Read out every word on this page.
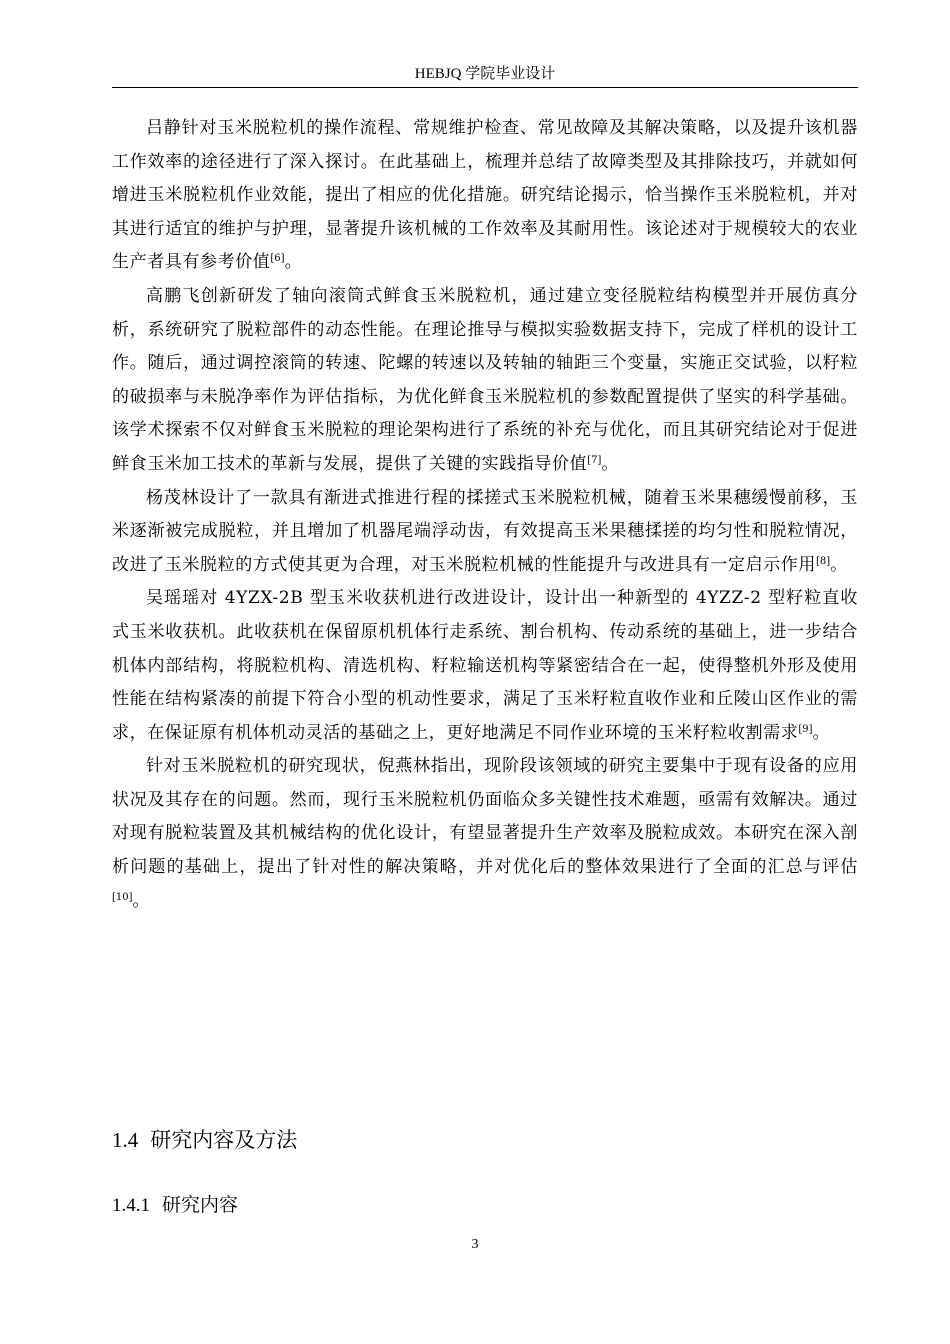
HEBJQ 学院毕业设计

吕静针对玉米脱粒机的操作流程、常规维护检查、常见故障及其解决策略，以及提升该机器工作效率的途径进行了深入探讨。在此基础上，梳理并总结了故障类型及其排除技巧，并就如何增进玉米脱粒机作业效能，提出了相应的优化措施。研究结论揭示，恰当操作玉米脱粒机，并对其进行适宜的维护与护理，显著提升该机械的工作效率及其耐用性。该论述对于规模较大的农业生产者具有参考价值[6]。

高鹏飞创新研发了轴向滚筒式鲜食玉米脱粒机，通过建立变径脱粒结构模型并开展仿真分析，系统研究了脱粒部件的动态性能。在理论推导与模拟实验数据支持下，完成了样机的设计工作。随后，通过调控滚筒的转速、陀螺的转速以及转轴的轴距三个变量，实施正交试验，以籽粒的破损率与未脱净率作为评估指标，为优化鲜食玉米脱粒机的参数配置提供了坚实的科学基础。该学术探索不仅对鲜食玉米脱粒的理论架构进行了系统的补充与优化，而且其研究结论对于促进鲜食玉米加工技术的革新与发展，提供了关键的实践指导价值[7]。

杨茂林设计了一款具有渐进式推进行程的揉搓式玉米脱粒机械，随着玉米果穗缓慢前移，玉米逐渐被完成脱粒，并且增加了机器尾端浮动齿，有效提高玉米果穗揉搓的均匀性和脱粒情况，改进了玉米脱粒的方式使其更为合理，对玉米脱粒机械的性能提升与改进具有一定启示作用[8]。

吴瑶瑶对 4YZX-2B 型玉米收获机进行改进设计，设计出一种新型的 4YZZ-2 型籽粒直收式玉米收获机。此收获机在保留原机机体行走系统、割台机构、传动系统的基础上，进一步结合机体内部结构，将脱粒机构、清选机构、籽粒输送机构等紧密结合在一起，使得整机外形及使用性能在结构紧凑的前提下符合小型的机动性要求，满足了玉米籽粒直收作业和丘陵山区作业的需求，在保证原有机体机动灵活的基础之上，更好地满足不同作业环境的玉米籽粒收割需求[9]。

针对玉米脱粒机的研究现状，倪燕林指出，现阶段该领域的研究主要集中于现有设备的应用状况及其存在的问题。然而，现行玉米脱粒机仍面临众多关键性技术难题，亟需有效解决。通过对现有脱粒装置及其机械结构的优化设计，有望显著提升生产效率及脱粒成效。本研究在深入剖析问题的基础上，提出了针对性的解决策略，并对优化后的整体效果进行了全面的汇总与评估[10]。

1.4 研究内容及方法
1.4.1 研究内容
3
